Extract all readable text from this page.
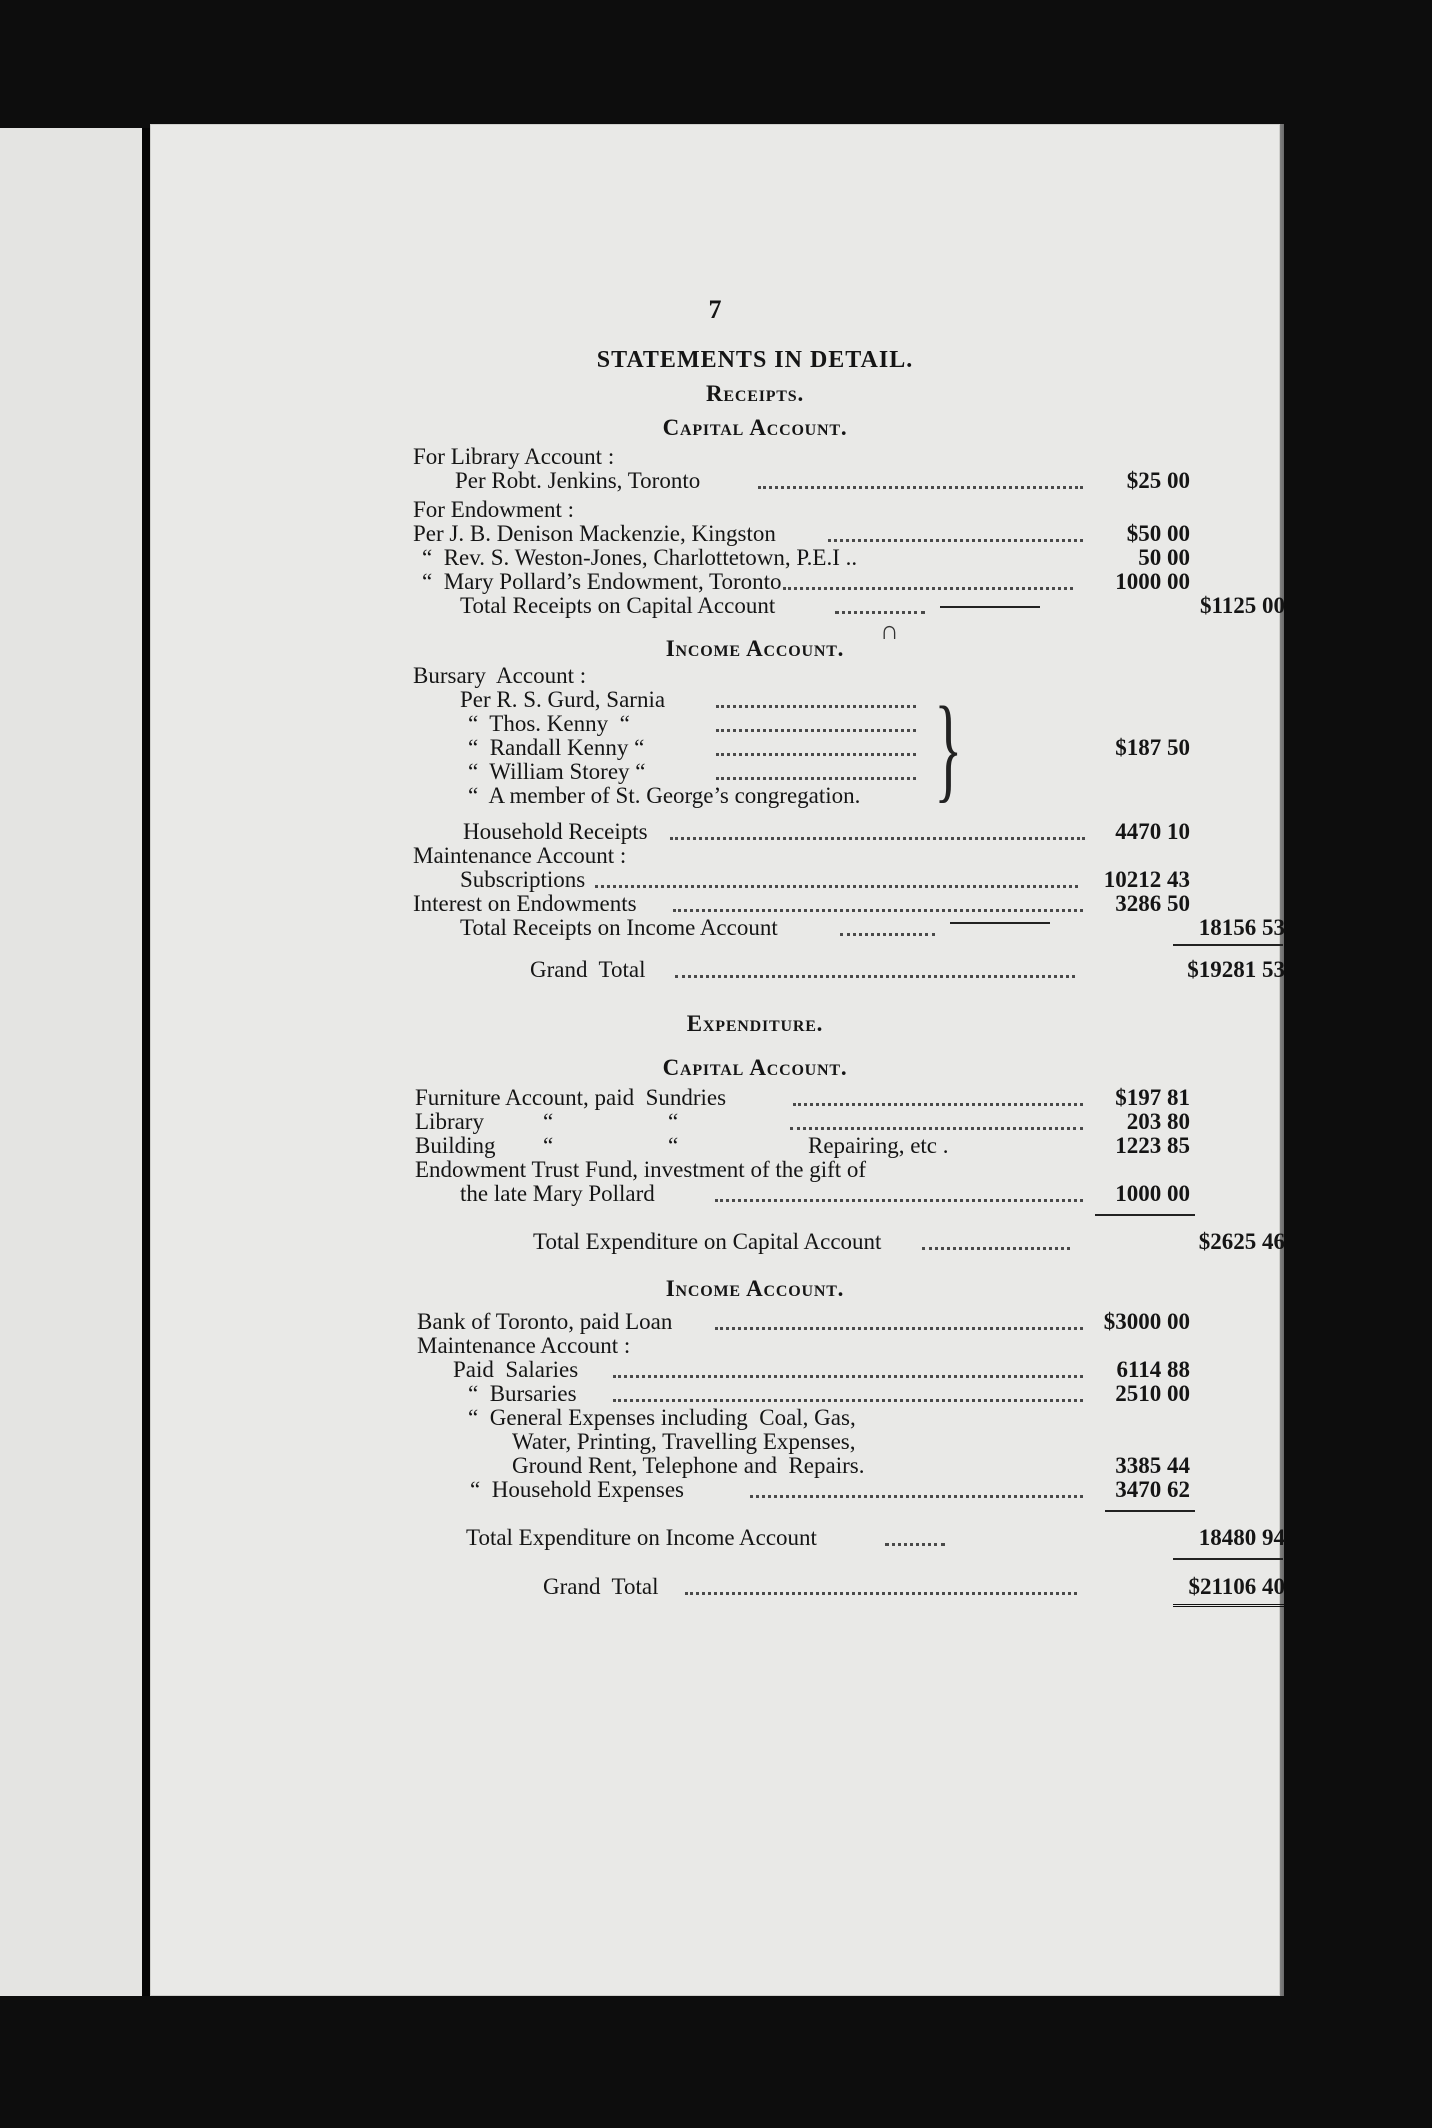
7
STATEMENTS IN DETAIL.
Receipts.
Capital Account.
For Library Account :
Per Robt. Jenkins, Toronto	$25 00
For Endowment :
Per J. B. Denison Mackenzie, Kingston	$50 00
“  Rev. S. Weston-Jones, Charlottetown, P.E.I ..	50 00
“  Mary Pollard’s Endowment, Toronto	1000 00
Total Receipts on Capital Account	$1125 00
Income Account.
∩
Bursary  Account :
Per R. S. Gurd, Sarnia
“  Thos. Kenny  “
“  Randall Kenny “
“  William Storey “
“  A member of St. George’s congregation. }	$187 50
Household Receipts	4470 10
Maintenance Account :
Subscriptions	10212 43
Interest on Endowments	3286 50
Total Receipts on Income Account	18156 53
Grand  Total	$19281 53
Expenditure.
Capital Account.
Furniture Account, paid  Sundries	$197 81
Library	“	“	203 80
Building “	“	Repairing, etc .	1223 85
Endowment Trust Fund, investment of the gift of
the late Mary Pollard	1000 00
Total Expenditure on Capital Account	$2625 46
Income Account.
Bank of Toronto, paid Loan	$3000 00
Maintenance Account :
Paid  Salaries	6114 88
“  Bursaries	2510 00
“  General Expenses including  Coal, Gas,
Water, Printing, Travelling Expenses,
Ground Rent, Telephone and  Repairs.	3385 44
“  Household Expenses	3470 62
Total Expenditure on Income Account	18480 94
Grand  Total	$21106 40
